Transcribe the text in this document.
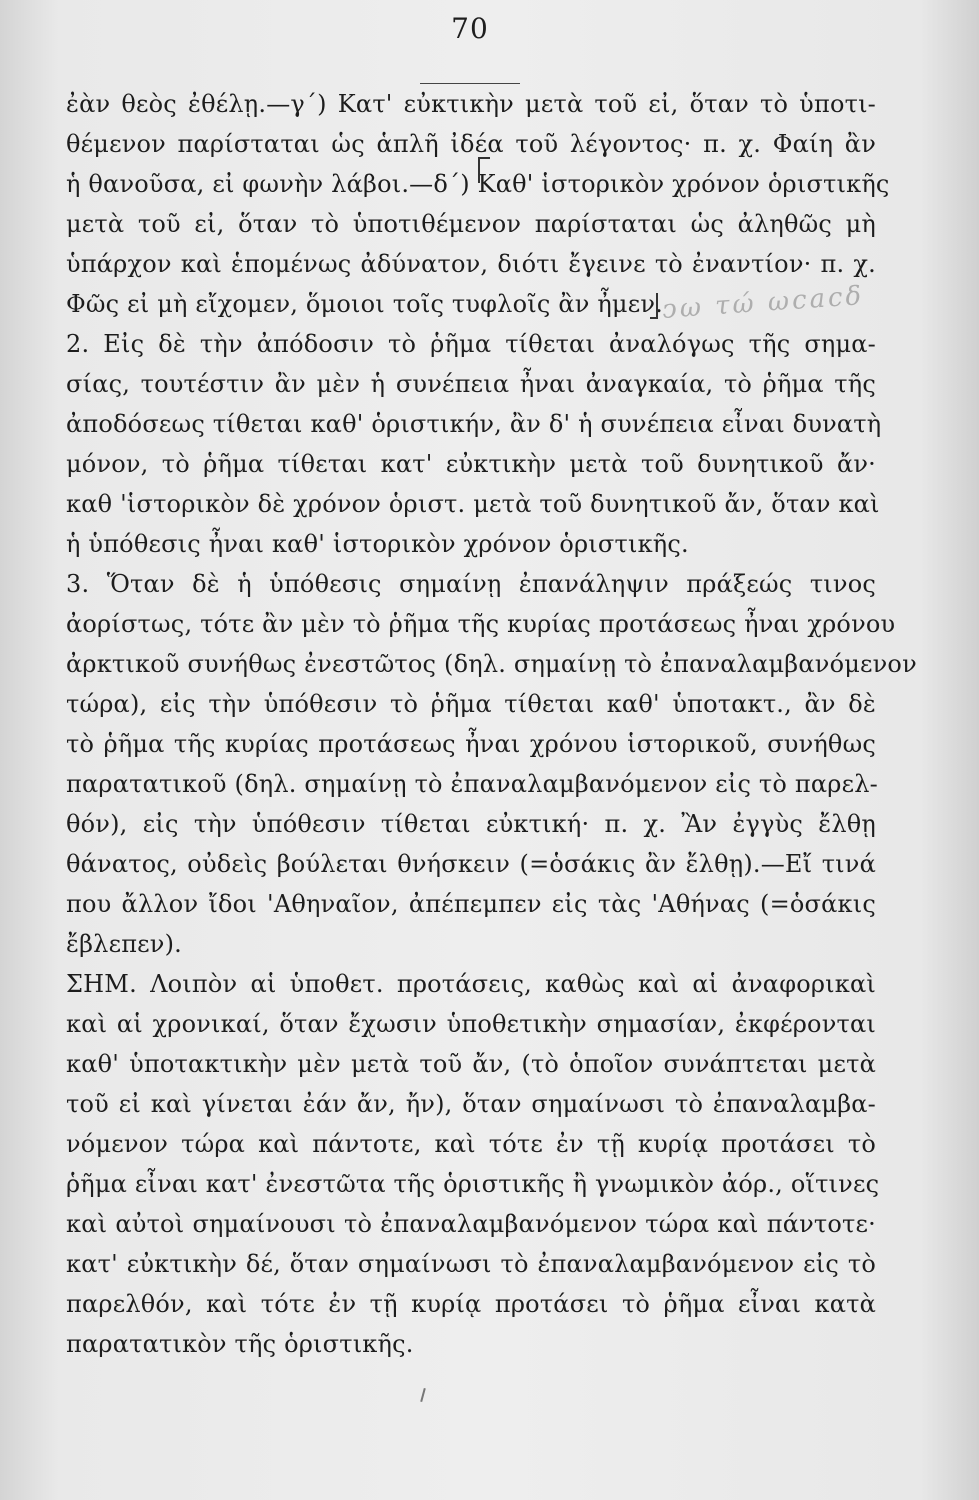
70
ἐὰν θεὸς ἐθέλῃ.—γ΄) Κατ' εὐκτικὴν μετὰ τοῦ εἰ, ὅταν τὸ ὑποτι-
θέμενον παρίσταται ὡς ἁπλῆ ἰδέα τοῦ λέγοντος· π. χ. Φαίη ἂν
ἡ θανοῦσα, εἰ φωνὴν λάβοι.—δ΄) Καθ' ἱστορικὸν χρόνον ὁριστικῆς
μετὰ τοῦ εἰ, ὅταν τὸ ὑποτιθέμενον παρίσταται ὡς ἀληθῶς μὴ
ὑπάρχον καὶ ἑπομένως ἀδύνατον, διότι ἔγεινε τὸ ἐναντίον· π. χ.
Φῶς εἰ μὴ εἴχομεν, ὅμοιοι τοῖς τυφλοῖς ἂν ἦμεν.
2. Εἰς δὲ τὴν ἀπόδοσιν τὸ ῥῆμα τίθεται ἀναλόγως τῆς σημα-
σίας, τουτέστιν ἂν μὲν ἡ συνέπεια ἦναι ἀναγκαία, τὸ ῥῆμα τῆς
ἀποδόσεως τίθεται καθ' ὁριστικήν, ἂν δ' ἡ συνέπεια εἶναι δυνατὴ
μόνον, τὸ ῥῆμα τίθεται κατ' εὐκτικὴν μετὰ τοῦ δυνητικοῦ ἄν·
καθ 'ἱστορικὸν δὲ χρόνον ὁριστ. μετὰ τοῦ δυνητικοῦ ἄν, ὅταν καὶ
ἡ ὑπόθεσις ἦναι καθ' ἱστορικὸν χρόνον ὁριστικῆς.
3. Ὅταν δὲ ἡ ὑπόθεσις σημαίνῃ ἐπανάληψιν πράξεώς τινος
ἀορίστως, τότε ἂν μὲν τὸ ῥῆμα τῆς κυρίας προτάσεως ἦναι χρόνου
ἀρκτικοῦ συνήθως ἐνεστῶτος (δηλ. σημαίνῃ τὸ ἐπαναλαμβανόμενον
τώρα), εἰς τὴν ὑπόθεσιν τὸ ῥῆμα τίθεται καθ' ὑποτακτ., ἂν δὲ
τὸ ῥῆμα τῆς κυρίας προτάσεως ἦναι χρόνου ἱστορικοῦ, συνήθως
παρατατικοῦ (δηλ. σημαίνῃ τὸ ἐπαναλαμβανόμενον εἰς τὸ παρελ-
θόν), εἰς τὴν ὑπόθεσιν τίθεται εὐκτική· π. χ. Ἂν ἐγγὺς ἔλθῃ
θάνατος, οὐδεὶς βούλεται θνήσκειν (=ὁσάκις ἂν ἔλθῃ).—Εἴ τινά
που ἄλλον ἴδοι 'Αθηναῖον, ἀπέπεμπεν εἰς τὰς 'Αθήνας (=ὁσάκις
ἔβλεπεν).
ΣΗΜ. Λοιπὸν αἱ ὑποθετ. προτάσεις, καθὼς καὶ αἱ ἀναφορικαὶ
καὶ αἱ χρονικαί, ὅταν ἔχωσιν ὑποθετικὴν σημασίαν, ἐκφέρονται
καθ' ὑποτακτικὴν μὲν μετὰ τοῦ ἄν, (τὸ ὁποῖον συνάπτεται μετὰ
τοῦ εἰ καὶ γίνεται ἐάν ἄν, ἤν), ὅταν σημαίνωσι τὸ ἐπαναλαμβα-
νόμενον τώρα καὶ πάντοτε, καὶ τότε ἐν τῇ κυρίᾳ προτάσει τὸ
ῥῆμα εἶναι κατ' ἐνεστῶτα τῆς ὁριστικῆς ἢ γνωμικὸν ἀόρ., οἵτινες
καὶ αὐτοὶ σημαίνουσι τὸ ἐπαναλαμβανόμενον τώρα καὶ πάντοτε·
κατ' εὐκτικὴν δέ, ὅταν σημαίνωσι τὸ ἐπαναλαμβανόμενον εἰς τὸ
παρελθόν, καὶ τότε ἐν τῇ κυρίᾳ προτάσει τὸ ῥῆμα εἶναι κατὰ
παρατατικὸν τῆς ὁριστικῆς.
ↄω τώ ωcac𝛿
